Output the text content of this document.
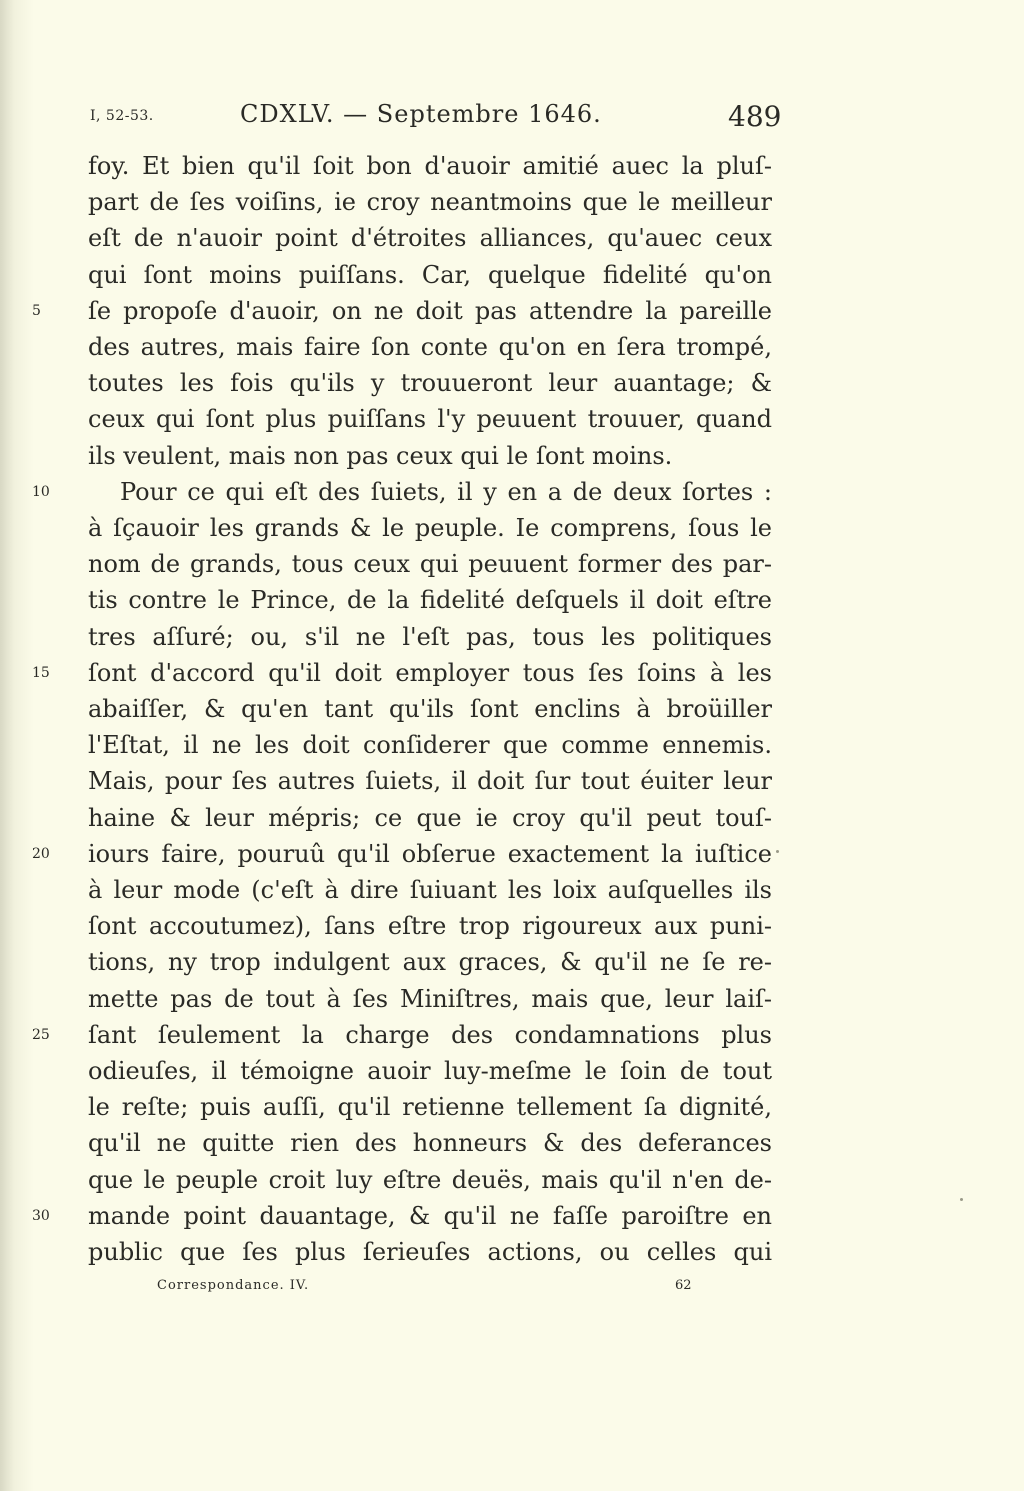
I, 52-53.	CDXLV. — Septembre 1646.	489
foy. Et bien qu'il ſoit bon d'auoir amitié auec la pluſ-
part de ſes voiſins, ie croy neantmoins que le meilleur
eſt de n'auoir point d'étroites alliances, qu'auec ceux
qui ſont moins puiſſans. Car, quelque fidelité qu'on
5	ſe propoſe d'auoir, on ne doit pas attendre la pareille
des autres, mais faire ſon conte qu'on en ſera trompé,
toutes les fois qu'ils y trouueront leur auantage; &
ceux qui ſont plus puiſſans l'y peuuent trouuer, quand
ils veulent, mais non pas ceux qui le ſont moins.
10	Pour ce qui eſt des ſuiets, il y en a de deux ſortes :
à ſçauoir les grands & le peuple. Ie comprens, ſous le
nom de grands, tous ceux qui peuuent former des par-
tis contre le Prince, de la fidelité deſquels il doit eſtre
tres aſſuré; ou, s'il ne l'eſt pas, tous les politiques
15	ſont d'accord qu'il doit employer tous ſes ſoins à les
abaiſſer, & qu'en tant qu'ils ſont enclins à broüiller
l'Eſtat, il ne les doit conſiderer que comme ennemis.
Mais, pour ſes autres ſuiets, il doit ſur tout éuiter leur
haine & leur mépris; ce que ie croy qu'il peut touſ-
20	iours faire, pouruû qu'il obſerue exactement la iuſtice
à leur mode (c'eſt à dire ſuiuant les loix auſquelles ils
ſont accoutumez), ſans eſtre trop rigoureux aux puni-
tions, ny trop indulgent aux graces, & qu'il ne ſe re-
mette pas de tout à ſes Miniſtres, mais que, leur laiſ-
25	ſant ſeulement la charge des condamnations plus
odieuſes, il témoigne auoir luy-meſme le ſoin de tout
le reſte; puis auſſi, qu'il retienne tellement ſa dignité,
qu'il ne quitte rien des honneurs & des deferances
que le peuple croit luy eſtre deuës, mais qu'il n'en de-
30	mande point dauantage, & qu'il ne faſſe paroiſtre en
public que ſes plus ſerieuſes actions, ou celles qui
Correspondance. IV.	62
